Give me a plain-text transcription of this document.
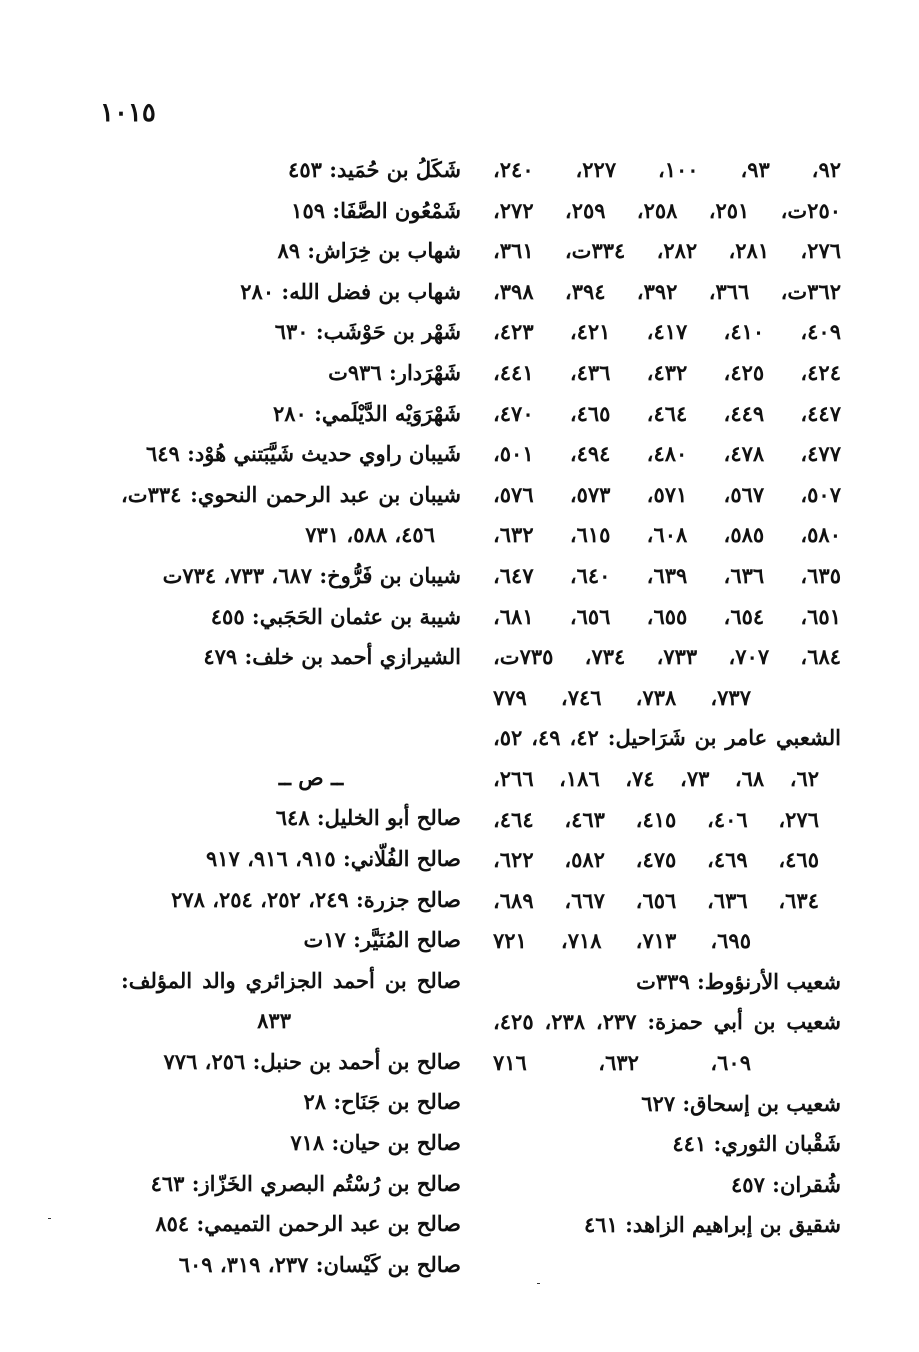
١٠١٥
٩٢، ٩٣، ١٠٠، ٢٢٧، ٢٤٠،
٢٥٠ت، ٢٥١، ٢٥٨، ٢٥٩، ٢٧٢،
٢٧٦، ٢٨١، ٢٨٢، ٣٣٤ت، ٣٦١،
٣٦٢ت، ٣٦٦، ٣٩٢، ٣٩٤، ٣٩٨،
٤٠٩، ٤١٠، ٤١٧، ٤٢١، ٤٢٣،
٤٢٤، ٤٢٥، ٤٣٢، ٤٣٦، ٤٤١،
٤٤٧، ٤٤٩، ٤٦٤، ٤٦٥، ٤٧٠،
٤٧٧، ٤٧٨، ٤٨٠، ٤٩٤، ٥٠١،
٥٠٧، ٥٦٧، ٥٧١، ٥٧٣، ٥٧٦،
٥٨٠، ٥٨٥، ٦٠٨، ٦١٥، ٦٣٢،
٦٣٥، ٦٣٦، ٦٣٩، ٦٤٠، ٦٤٧،
٦٥١، ٦٥٤، ٦٥٥، ٦٥٦، ٦٨١،
٦٨٤، ٧٠٧، ٧٣٣، ٧٣٤، ٧٣٥ت،
٧٣٧، ٧٣٨، ٧٤٦، ٧٧٩
الشعبي عامر بن شَرَاحيل: ٤٢، ٤٩، ٥٢،
٦٢، ٦٨، ٧٣، ٧٤، ١٨٦، ٢٦٦،
٢٧٦، ٤٠٦، ٤١٥، ٤٦٣، ٤٦٤،
٤٦٥، ٤٦٩، ٤٧٥، ٥٨٢، ٦٢٢،
٦٣٤، ٦٣٦، ٦٥٦، ٦٦٧، ٦٨٩،
٦٩٥، ٧١٣، ٧١٨، ٧٢١
شعيب الأرنؤوط: ٣٣٩ت
شعيب بن أبي حمزة: ٢٣٧، ٢٣٨، ٤٢٥،
٦٠٩، ٦٣٢، ٧١٦
شعيب بن إسحاق: ٦٢٧
شَقْبان الثوري: ٤٤١
شُقران: ٤٥٧
شقيق بن إبراهيم الزاهد: ٤٦١
شَكَلُ بن حُمَيد: ٤٥٣
شَمْعُون الصَّفَا: ١٥٩
شهاب بن خِرَاش: ٨٩
شهاب بن فضل الله: ٢٨٠
شَهْر بن حَوْشَب: ٦٣٠
شَهْرَدار: ٩٣٦ت
شَهْرَوَيْه الدَّيْلَمي: ٢٨٠
شَيبان راوي حديث شَيَّبَتني هُوْد: ٦٤٩
شيبان بن عبد الرحمن النحوي: ٣٣٤ت،
٤٥٦، ٥٨٨، ٧٣١
شيبان بن فَرُّوخ: ٦٨٧، ٧٣٣، ٧٣٤ت
شيبة بن عثمان الحَجَبي: ٤٥٥
الشيرازي أحمد بن خلف: ٤٧٩
ــ ص ــ
صالح أبو الخليل: ٦٤٨
صالح الفُلّاني: ٩١٥، ٩١٦، ٩١٧
صالح جزرة: ٢٤٩، ٢٥٢، ٢٥٤، ٢٧٨
صالح المُنَيَّر: ١٧ت
صالح بن أحمد الجزائري والد المؤلف:
٨٣٣
صالح بن أحمد بن حنبل: ٢٥٦، ٧٧٦
صالح بن جَنَاح: ٢٨
صالح بن حيان: ٧١٨
صالح بن رُسْتُم البصري الخَزّاز: ٤٦٣
صالح بن عبد الرحمن التميمي: ٨٥٤
صالح بن كَيْسان: ٢٣٧، ٣١٩، ٦٠٩
